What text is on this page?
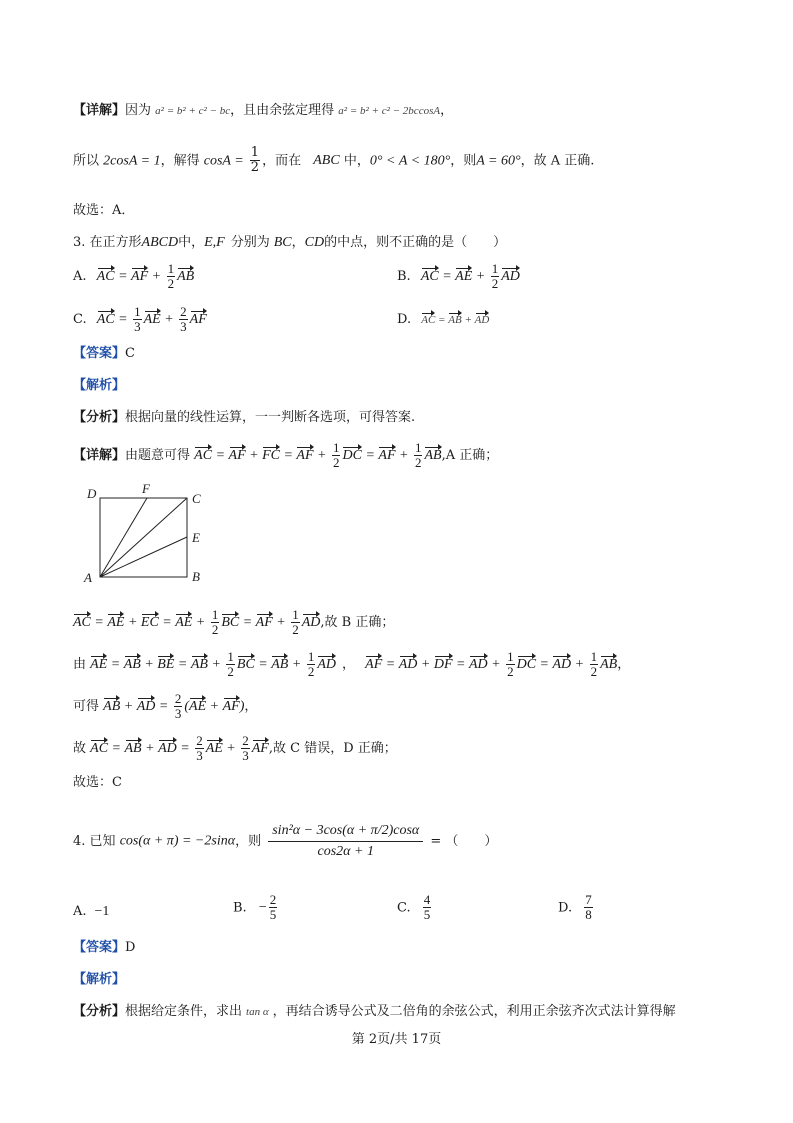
【详解】因为 a² = b² + c² − bc，且由余弦定理得 a² = b² + c² − 2bccosA，
所以 2cosA = 1，解得 $\cos A = \frac{1}{2}$ ，而在 ABC 中，0° < A < 180°，则A = 60°，故 A 正确.
故选：A．
3. 在正方形ABCD中，E,F 分别为 BC，CD的中点，则不正确的是（　　）
A. AC = AF + $\frac{1}{2}$ AB	B. AC = AE + $\frac{1}{2}$ AD
C. AC = $\frac{1}{3}$ AE + $\frac{2}{3}$ AF	D. AC = AB + AD
【答案】C
【解析】
【分析】根据向量的线性运算，一一判断各选项，可得答案.
【详解】由题意可得 AC = AF + FC = AF + $\frac{1}{2}$ DC = AF + $\frac{1}{2} AB,A$ 正确；
D	F
C
E
A	B
AC = AE + EC = AE + $\frac{1}{2}$ BC = AF + $\frac{1}{2}$ AD,故 B 正确；
由 AE = AB + BE = AB + $\frac{1}{2}$ BC = AB + $\frac{1}{2}$ AD ， AF = AD + DF = AD + $\frac{1}{2}$ DC = AD + $\frac{1}{2}$ AB，
可得 AB + AD = $\frac{2}{3} (AE + AF)$，
故 AC = AB + AD = $\frac{2}{3}$ AE + $\frac{2}{3}$ AF,故 C 错误，D 正确；
故选：C
4. 已知 cos(α + π) = −2sinα，则 $\frac{\text{sin²α − 3cos(α + π/2)cosα}}{\cos 2\alpha + 1}$ = （　　）
A. −1	B. − $\frac{2}{5}$	C. $\frac{4}{5}$	D. $\frac{7}{8}$
【答案】D
【解析】
【分析】根据给定条件，求出 tan α ，再结合诱导公式及二倍角的余弦公式，利用正余弦齐次式法计算得解
第 2页/共 17页
